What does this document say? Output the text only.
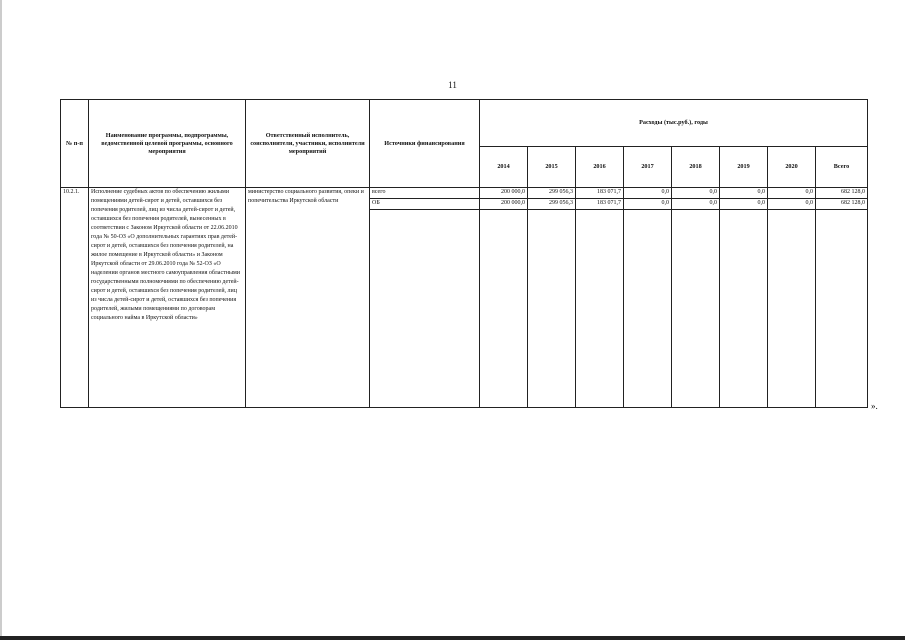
11
№ п-п	Наименование программы, подпрограммы, ведомственной целевой программы, основного мероприятия	Ответственный исполнитель, соисполнители, участники, исполнители мероприятий	Источники финансирования	Расходы (тыс.руб.), годы							
				2014	2015	2016	2017	2018	2019	2020	Всего
10.2.1.	Исполнение судебных актов по обеспечению жилыми помещениями детей-сирот и детей, оставшихся без попечения родителей, лиц из числа детей-сирот и детей, оставшихся без попечения родителей, вынесенных в соответствии с Законом Иркутской области от 22.06.2010 года № 50-ОЗ «О дополнительных гарантиях прав детей-сирот и детей, оставшихся без попечения родителей, на жилое помещение в Иркутской области» и Законом Иркутской области от 29.06.2010 года № 52-ОЗ «О наделении органов местного самоуправления областными государственными полномочиями по обеспечению детей-сирот и детей, оставшихся без попечения родителей, лиц из числа детей-сирот и детей, оставшихся без попечения родителей, жилыми помещениями по договорам социального найма в Иркутской области»	министерство социального развития, опеки и попечительства Иркутской области	всего	200 000,0	299 056,3	183 071,7	0,0	0,0	0,0	0,0	682 128,0
			ОБ	200 000,0	299 056,3	183 071,7	0,0	0,0	0,0	0,0	682 128,0

».
